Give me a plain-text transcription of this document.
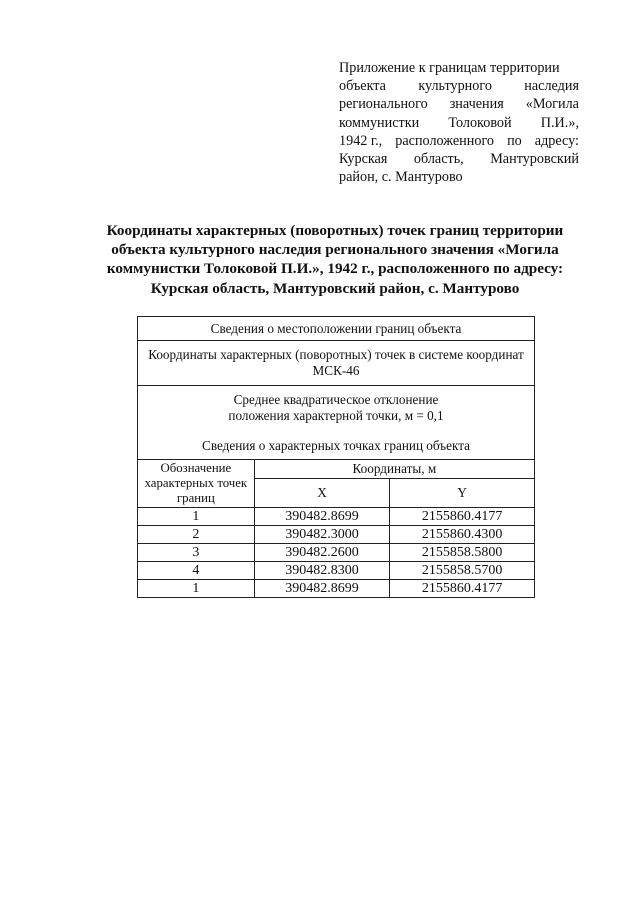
Приложение к границам территории
объекта культурного наследия
регионального значения «Могила
коммунистки Толоковой П.И.»,
1942 г., расположенного по адресу:
Курская область, Мантуровский
район, с. Мантурово
Координаты характерных (поворотных) точек границ территории
объекта культурного наследия регионального значения «Могила
коммунистки Толоковой П.И.», 1942 г., расположенного по адресу:
Курская область, Мантуровский район, с. Мантурово
Сведения о местоположении границ объекта		

Координаты характерных (поворотных) точек в системе координат
МСК-46		

Среднее квадратическое отклонение
положения характерной точки, м = 0,1
Сведения о характерных точках границ объекта		

Обозначение
характерных точек
границ	Координаты, м	
	X	Y
1	390482.8699	2155860.4177
2	390482.3000	2155860.4300
3	390482.2600	2155858.5800
4	390482.8300	2155858.5700
1	390482.8699	2155860.4177
